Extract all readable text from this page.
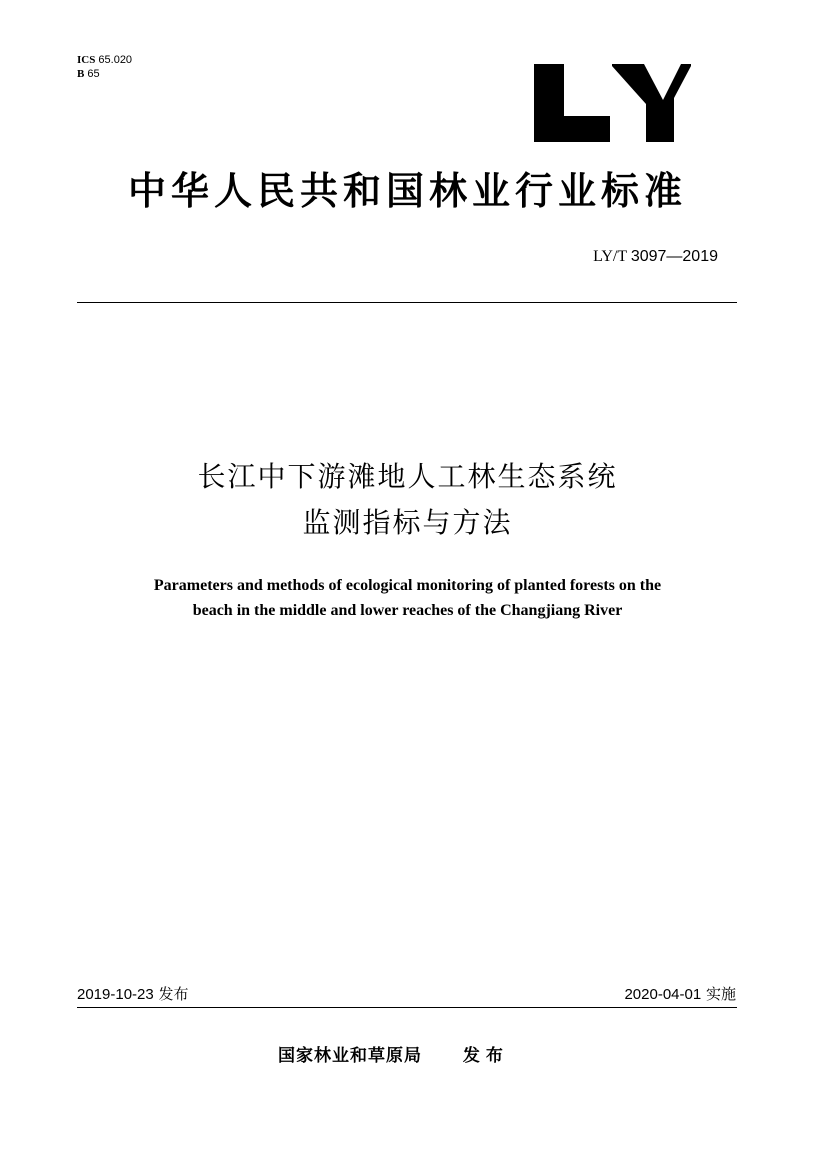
ICS 65.020
B 65
中华人民共和国林业行业标准
LY/T 3097—2019
长江中下游滩地人工林生态系统
监测指标与方法
Parameters and methods of ecological monitoring of planted forests on the
beach in the middle and lower reaches of the Changjiang River
2019-10-23 发布	2020-04-01 实施
国家林业和草原局 发布
